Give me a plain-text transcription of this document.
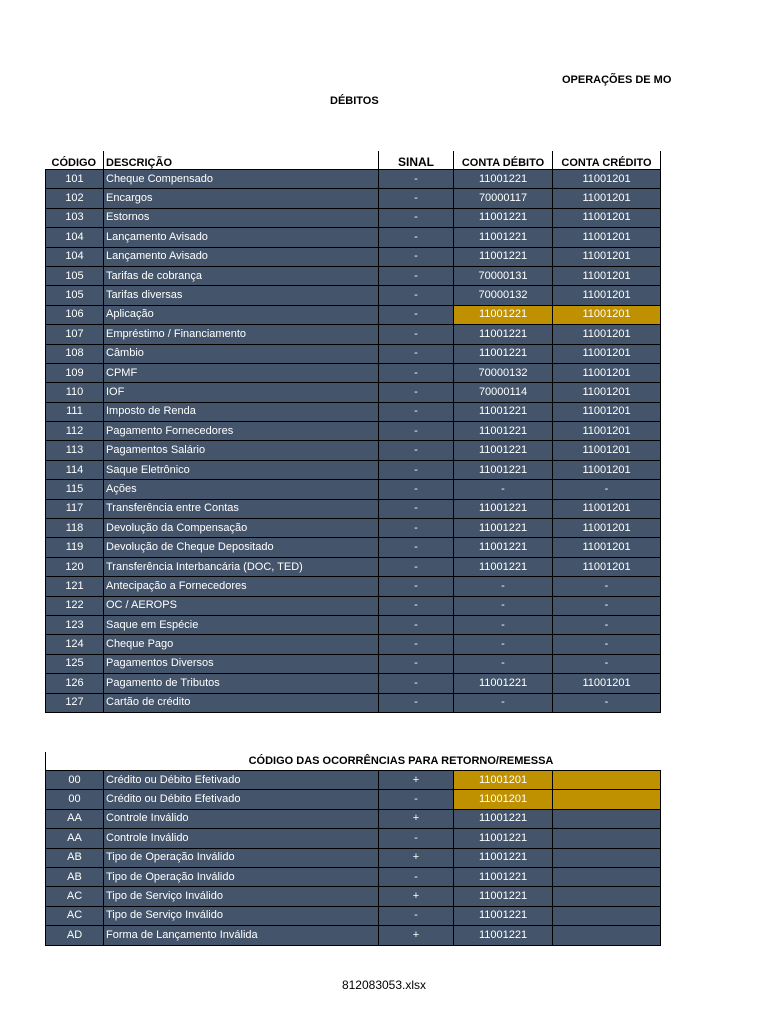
OPERAÇÕES DE MO
DÉBITOS
CÓDIGO	DESCRIÇÃO	SINAL	CONTA DÉBITO	CONTA CRÉDITO
101	Cheque Compensado	-	11001221	11001201
102	Encargos	-	70000117	11001201
103	Estornos	-	11001221	11001201
104	Lançamento Avisado	-	11001221	11001201
104	Lançamento Avisado	-	11001221	11001201
105	Tarifas de cobrança	-	70000131	11001201
105	Tarifas diversas	-	70000132	11001201
106	Aplicação	-	11001221	11001201
107	Empréstimo / Financiamento	-	11001221	11001201
108	Câmbio	-	11001221	11001201
109	CPMF	-	70000132	11001201
110	IOF	-	70000114	11001201
111	Imposto de Renda	-	11001221	11001201
112	Pagamento Fornecedores	-	11001221	11001201
113	Pagamentos Salário	-	11001221	11001201
114	Saque Eletrônico	-	11001221	11001201
115	Ações	-	-	-
117	Transferência entre Contas	-	11001221	11001201
118	Devolução da Compensação	-	11001221	11001201
119	Devolução de Cheque Depositado	-	11001221	11001201
120	Transferência Interbancária (DOC, TED)	-	11001221	11001201
121	Antecipação a Fornecedores	-	-	-
122	OC / AEROPS	-	-	-
123	Saque em Espécie	-	-	-
124	Cheque Pago	-	-	-
125	Pagamentos Diversos	-	-	-
126	Pagamento de Tributos	-	11001221	11001201
127	Cartão de crédito	-	-	-
	CÓDIGO DAS OCORRÊNCIAS PARA RETORNO/REMESSA			
00	Crédito ou Débito Efetivado	+	11001201	
00	Crédito ou Débito Efetivado	-	11001201	
AA	Controle Inválido	+	11001221	
AA	Controle Inválido	-	11001221	
AB	Tipo de Operação Inválido	+	11001221	
AB	Tipo de Operação Inválido	-	11001221	
AC	Tipo de Serviço Inválido	+	11001221	
AC	Tipo de Serviço Inválido	-	11001221	
AD	Forma de Lançamento Inválida	+	11001221	
812083053.xlsx
